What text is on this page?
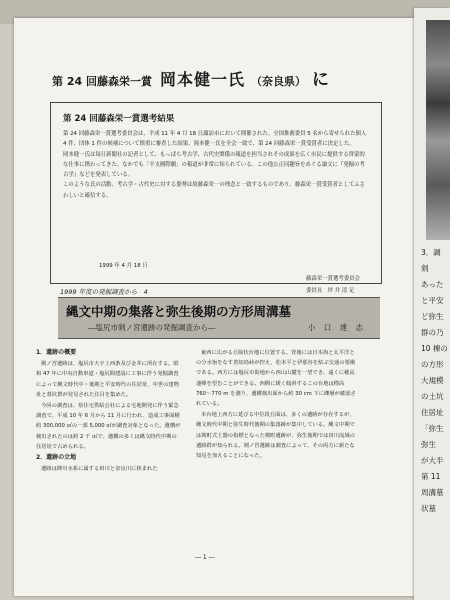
3．調
剣
あった
と平安
ど弥生
群の乃
10 棟の
の方形
大規模
の土坑
住居址
「弥生
弥生
が大半
第 11
周溝墓
状墓
第 24 回藤森栄一賞 岡本健一氏 （奈良県） に
第 24 回藤森栄一賞選考結果

第 24 回藤森栄一賞選考委員会は、平成 11 年 4 月 18 日諏訪市において開催された。全国推薦委員 5 名から寄せられた個人 4 件、団体 1 件の候補について慎重に審査した結果、岡本健一氏を全会一致で、第 24 回藤森栄一賞受賞者に決定した。

岡本健一氏は毎日新聞社の記者として、もっぱら考古学、古代史関係の報道を担当されその成果を広く市民に提供する啓蒙的な仕事に携わってきた。なかでも「平支國際劇」の報道が非常に知られている。この他公正同趣旨をめぐる論文に『発掘の考古学』などを発表している。

このような氏の活動、考古学・古代史に対する姿勢は故藤森栄一の理念と一致するものであり、藤森栄一賞受賞者としてふさわしいと確信する。

1999 年 4 月 18 日
藤森栄一賞選考委員会
委員長　坪 井 清 足
1999 年度の発掘調査から　4
縄文中期の集落と弥生後期の方形周溝墓
―塩尻市剣ノ宮遺跡の発掘調査から―	小 口 達 志

1．遺跡の概要

剣ノ宮遺跡は、塩尻市大字上西条及び金井に所在する。昭和 47 年に中央自動車道・塩尻間建設に工事に伴う発掘調査によって縄文時代中・後期と平安時代の住居址、中世の建物址と墓坑群が発見された注目を集めた。

今回の調査は、県住宅供給公社による宅地開発に伴う緊急調査で、平成 10 年 6 月から 11 月に行われ、造成工事面積約 300,000 ㎡の一部 5,000 ㎡が調査対象となった。遺構が検出されたのは約 2 千 ㎡で、遺構の多くは縄文時代中期の住居址で占められる。

2．遺跡の立地

遺跡は陣川水系に属する田川と奈良川に挟まれた

東西に広がる丘陵状台地に位置する。背後には日本海と太平洋との分水嶺をなす善知鳥峠が控え、松本平と伊那谷を結ぶ交通の要衝である。西方には塩尻市街地から西山山麓を一望でき、遠くに穂高連峰を望むことができる。西側に緩く傾斜するこの台地は標高 760～770 m を測り、遺構検出面から約 30 cm 下に礫層が確認されている。

本台地上西方に延びる中位段丘面は、多くの遺跡が存在するが、縄文時代中期と弥生時代後期の集落跡が集中している。縄文中期では剣町式土器の指標となった剣町遺跡が、弥生後期では田川流域の遺跡群が知られる。剣ノ宮遺跡は調査によって、その両方に新たな知見を加えることになった。

― 1 ―
